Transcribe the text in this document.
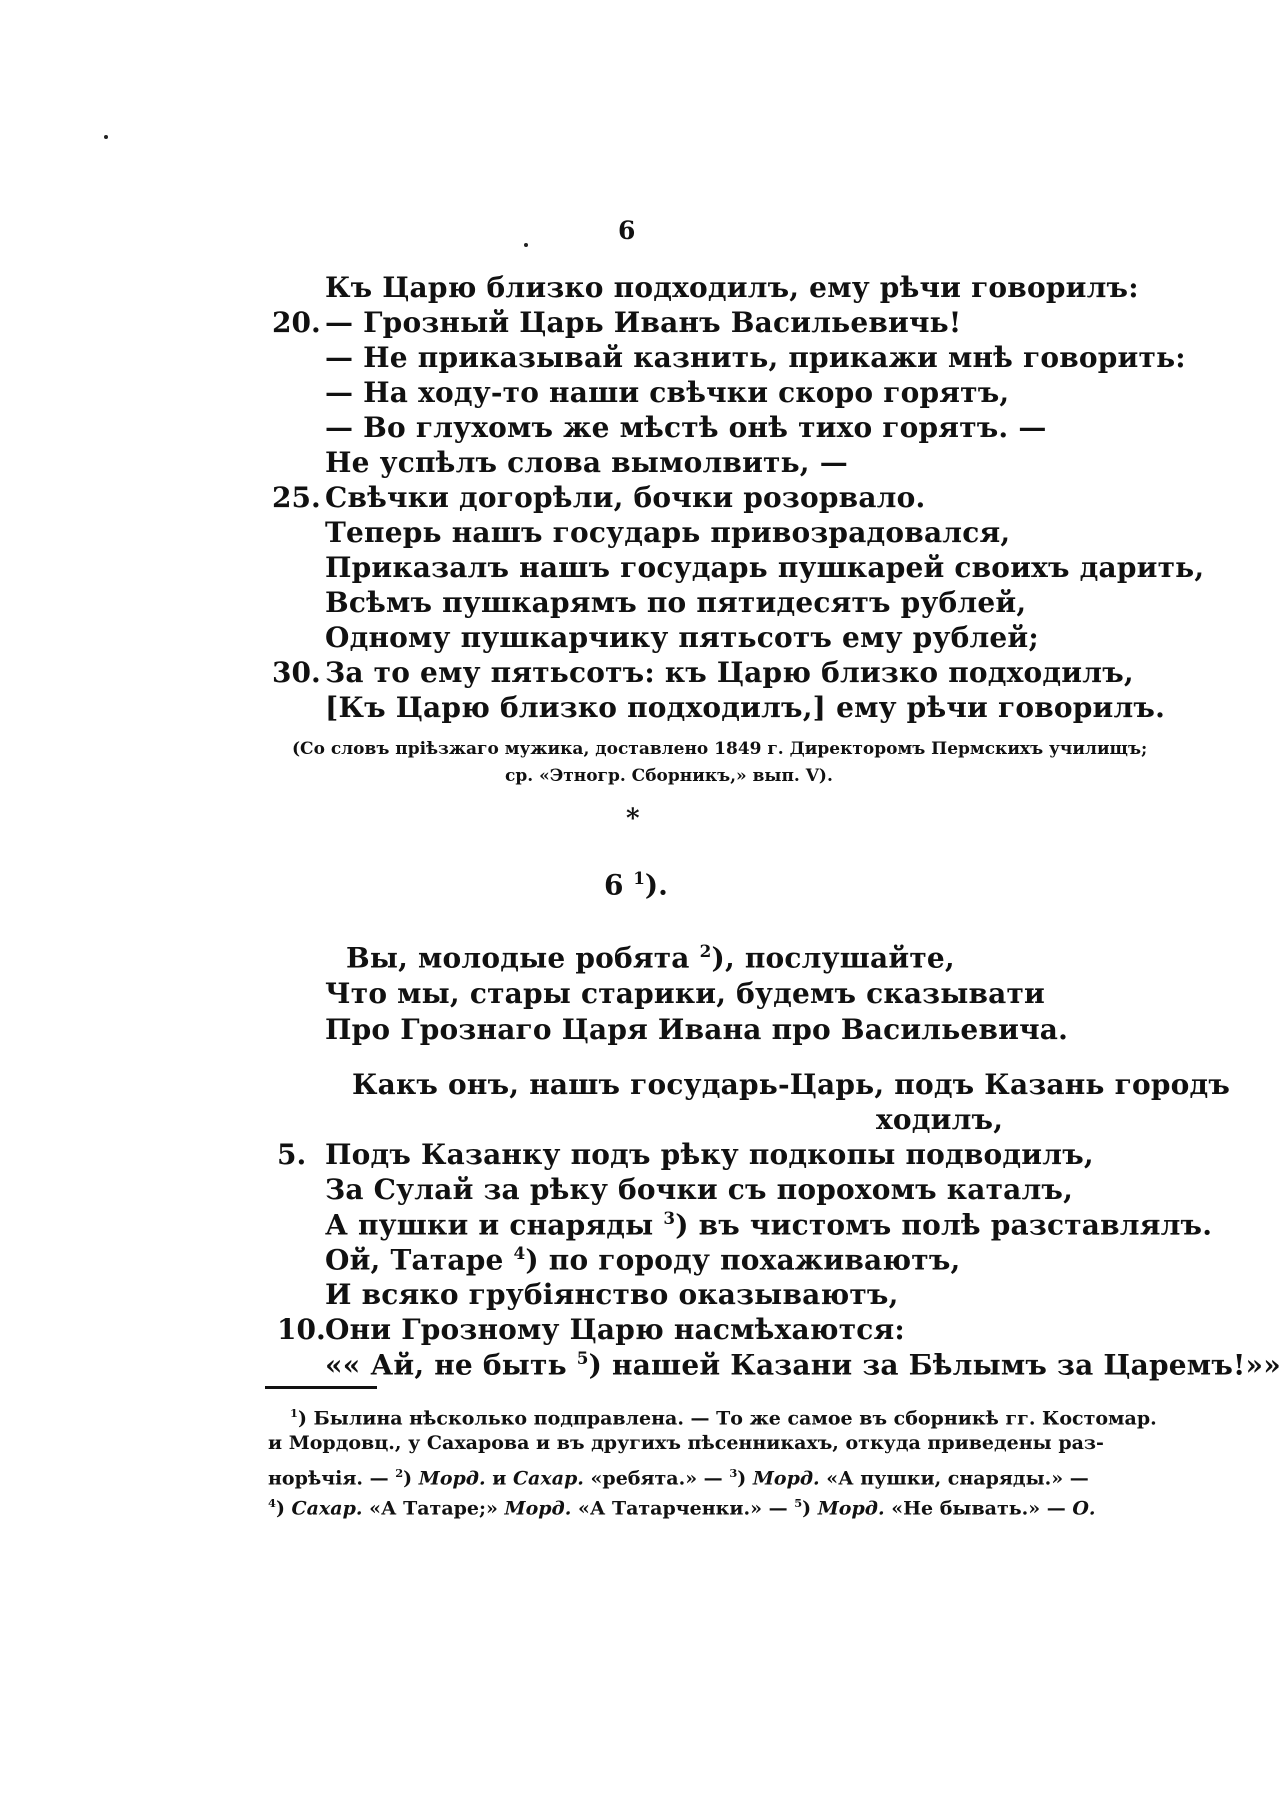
6
Къ Царю близко подходилъ, ему рѣчи говорилъ:
20. — Грозный Царь Иванъ Васильевичь!
— Не приказывай казнить, прикажи мнѣ говорить:
— На ходу-то наши свѣчки скоро горятъ,
— Во глухомъ же мѣстѣ онѣ тихо горятъ. —
Не успѣлъ слова вымолвить, —
25. Свѣчки догорѣли, бочки розорвало.
Теперь нашъ государь привозрадовался,
Приказалъ нашъ государь пушкарей своихъ дарить,
Всѣмъ пушкарямъ по пятидесятъ рублей,
Одному пушкарчику пятьсотъ ему рублей;
30. За то ему пятьсотъ: къ Царю близко подходилъ,
[Къ Царю близко подходилъ,] ему рѣчи говорилъ.
(Со словъ пріѣзжаго мужика, доставлено 1849 г. Директоромъ Пермскихъ училищъ;
ср. «Этногр. Сборникъ,» вып. V).
*
6 $^1$).
Вы, молодые робята $^2$), послушайте,
Что мы, стары старики, будемъ сказывати
Про Грознаго Царя Ивана про Васильевича.
Какъ онъ, нашъ государь-Царь, подъ Казань городъ
ходилъ,
5. Подъ Казанку подъ рѣку подкопы подводилъ,
За Сулай за рѣку бочки съ порохомъ каталъ,
А пушки и снаряды $^3$) въ чистомъ полѣ разставлялъ.
Ой, Татаре $^4$) по городу похаживаютъ,
И всяко грубіянство оказываютъ,
10. Они Грозному Царю насмѣхаются:
«« Ай, не быть $^5$) нашей Казани за Бѣлымъ за Царемъ!»»
$^1$) Былина нѣсколько подправлена. — То же самое въ сборникѣ гг. Костомар.
и Мордовц., у Сахарова и въ другихъ пѣсенникахъ, откуда приведены раз-
норѣчія. — $^2$) Морд. и Сахар. «ребята.» — $^3$) Морд. «А пушки, снаряды.» —
$^4$) Сахар. «А Татаре;» Морд. «А Татарченки.» — $^5$) Морд. «Не бывать.» — О.
